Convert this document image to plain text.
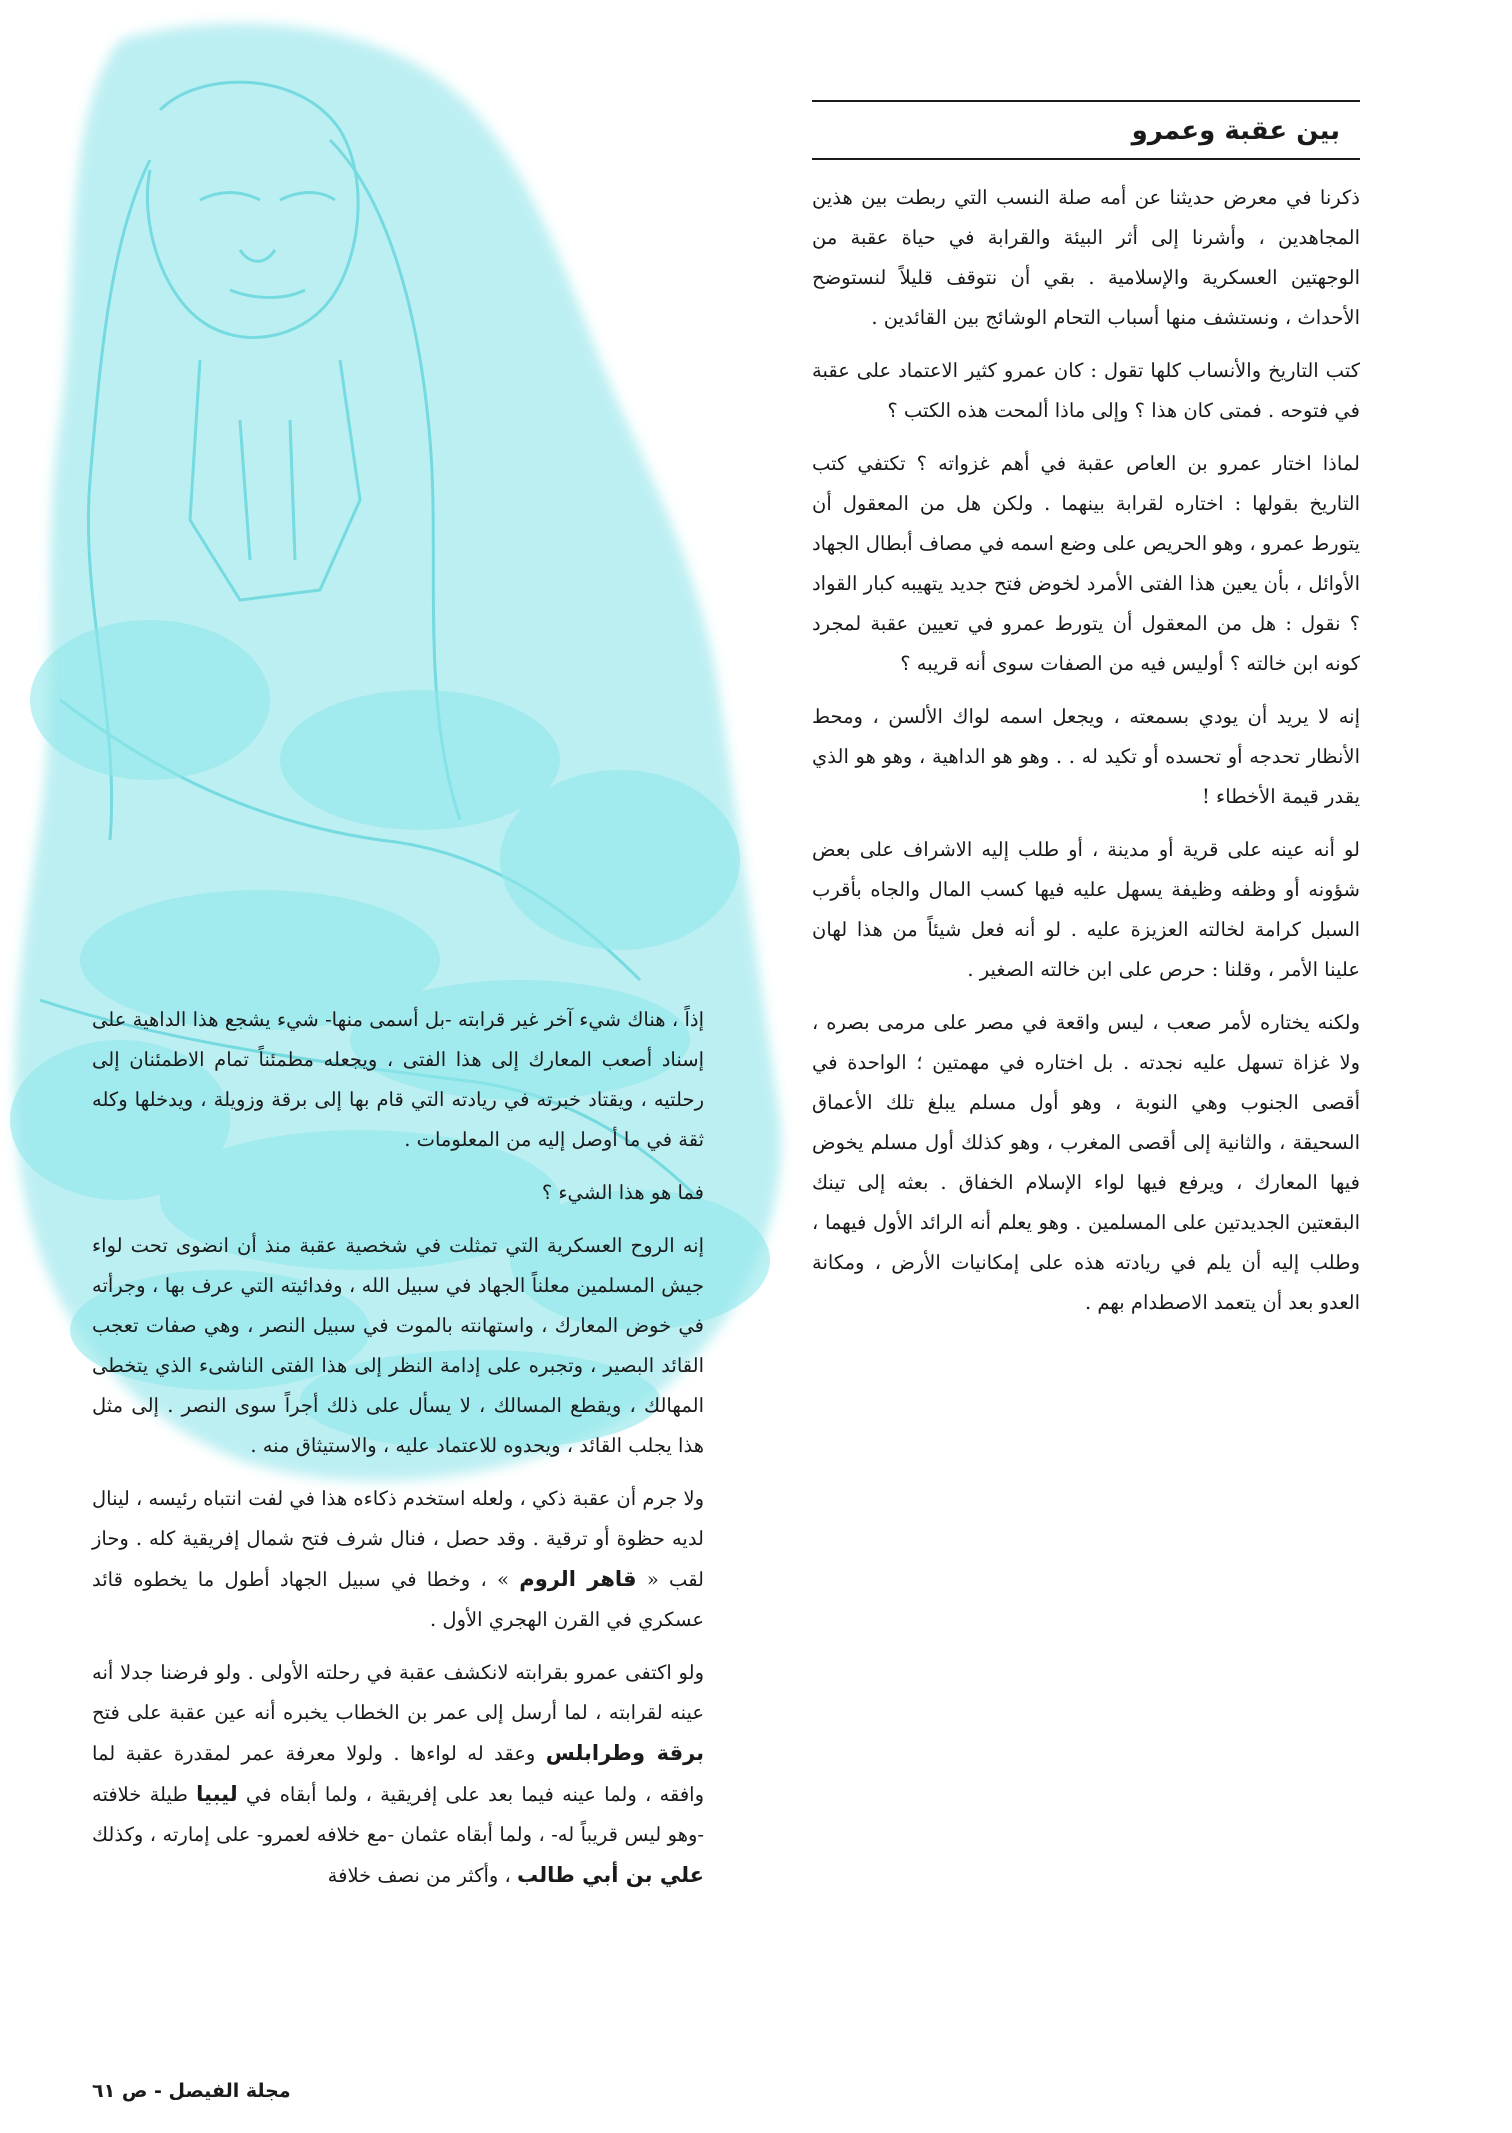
بين عقبة وعمرو

ذكرنا في معرض حديثنا عن أمه صلة النسب التي ربطت بين هذين المجاهدين ، وأشرنا إلى أثر البيئة والقرابة في حياة عقبة من الوجهتين العسكرية والإسلامية . بقي أن نتوقف قليلاً لنستوضح الأحداث ، ونستشف منها أسباب التحام الوشائج بين القائدين .

كتب التاريخ والأنساب كلها تقول : كان عمرو كثير الاعتماد على عقبة في فتوحه . فمتى كان هذا ؟ وإلى ماذا ألمحت هذه الكتب ؟

لماذا اختار عمرو بن العاص عقبة في أهم غزواته ؟ تكتفي كتب التاريخ بقولها : اختاره لقرابة بينهما . ولكن هل من المعقول أن يتورط عمرو ، وهو الحريص على وضع اسمه في مصاف أبطال الجهاد الأوائل ، بأن يعين هذا الفتى الأمرد لخوض فتح جديد يتهيبه كبار القواد ؟ نقول : هل من المعقول أن يتورط عمرو في تعيين عقبة لمجرد كونه ابن خالته ؟ أوليس فيه من الصفات سوى أنه قريبه ؟

إنه لا يريد أن يودي بسمعته ، ويجعل اسمه لواك الألسن ، ومحط الأنظار تحدجه أو تحسده أو تكيد له . . وهو هو الداهية ، وهو هو الذي يقدر قيمة الأخطاء !

لو أنه عينه على قرية أو مدينة ، أو طلب إليه الاشراف على بعض شؤونه أو وظفه وظيفة يسهل عليه فيها كسب المال والجاه بأقرب السبل كرامة لخالته العزيزة عليه . لو أنه فعل شيئاً من هذا لهان علينا الأمر ، وقلنا : حرص على ابن خالته الصغير .

ولكنه يختاره لأمر صعب ، ليس واقعة في مصر على مرمى بصره ، ولا غزاة تسهل عليه نجدته . بل اختاره في مهمتين ؛ الواحدة في أقصى الجنوب وهي النوبة ، وهو أول مسلم يبلغ تلك الأعماق السحيقة ، والثانية إلى أقصى المغرب ، وهو كذلك أول مسلم يخوض فيها المعارك ، ويرفع فيها لواء الإسلام الخفاق . بعثه إلى تينك البقعتين الجديدتين على المسلمين . وهو يعلم أنه الرائد الأول فيهما ، وطلب إليه أن يلم في ريادته هذه على إمكانيات الأرض ، ومكانة العدو بعد أن يتعمد الاصطدام بهم .

إذاً ، هناك شيء آخر غير قرابته -بل أسمى منها- شيء يشجع هذا الداهية على إسناد أصعب المعارك إلى هذا الفتى ، ويجعله مطمئناً تمام الاطمئنان إلى رحلتيه ، ويقتاد خبرته في ريادته التي قام بها إلى برقة وزويلة ، ويدخلها وكله ثقة في ما أوصل إليه من المعلومات .

فما هو هذا الشيء ؟

إنه الروح العسكرية التي تمثلت في شخصية عقبة منذ أن انضوى تحت لواء جيش المسلمين معلناً الجهاد في سبيل الله ، وفدائيته التي عرف بها ، وجرأته في خوض المعارك ، واستهانته بالموت في سبيل النصر ، وهي صفات تعجب القائد البصير ، وتجبره على إدامة النظر إلى هذا الفتى الناشىء الذي يتخطى المهالك ، ويقطع المسالك ، لا يسأل على ذلك أجراً سوى النصر . إلى مثل هذا يجلب القائد ، ويحدوه للاعتماد عليه ، والاستيثاق منه .

ولا جرم أن عقبة ذكي ، ولعله استخدم ذكاءه هذا في لفت انتباه رئيسه ، لينال لديه حظوة أو ترقية . وقد حصل ، فنال شرف فتح شمال إفريقية كله . وحاز لقب « قاهر الروم » ، وخطا في سبيل الجهاد أطول ما يخطوه قائد عسكري في القرن الهجري الأول .

ولو اكتفى عمرو بقرابته لانكشف عقبة في رحلته الأولى . ولو فرضنا جدلا أنه عينه لقرابته ، لما أرسل إلى عمر بن الخطاب يخبره أنه عين عقبة على فتح برقة وطرابلس وعقد له لواءها . ولولا معرفة عمر لمقدرة عقبة لما وافقه ، ولما عينه فيما بعد على إفريقية ، ولما أبقاه في ليبيا طيلة خلافته -وهو ليس قريباً له- ، ولما أبقاه عثمان -مع خلافه لعمرو- على إمارته ، وكذلك علي بن أبي طالب ، وأكثر من نصف خلافة

مجلة الفيصل - ص ٦١
